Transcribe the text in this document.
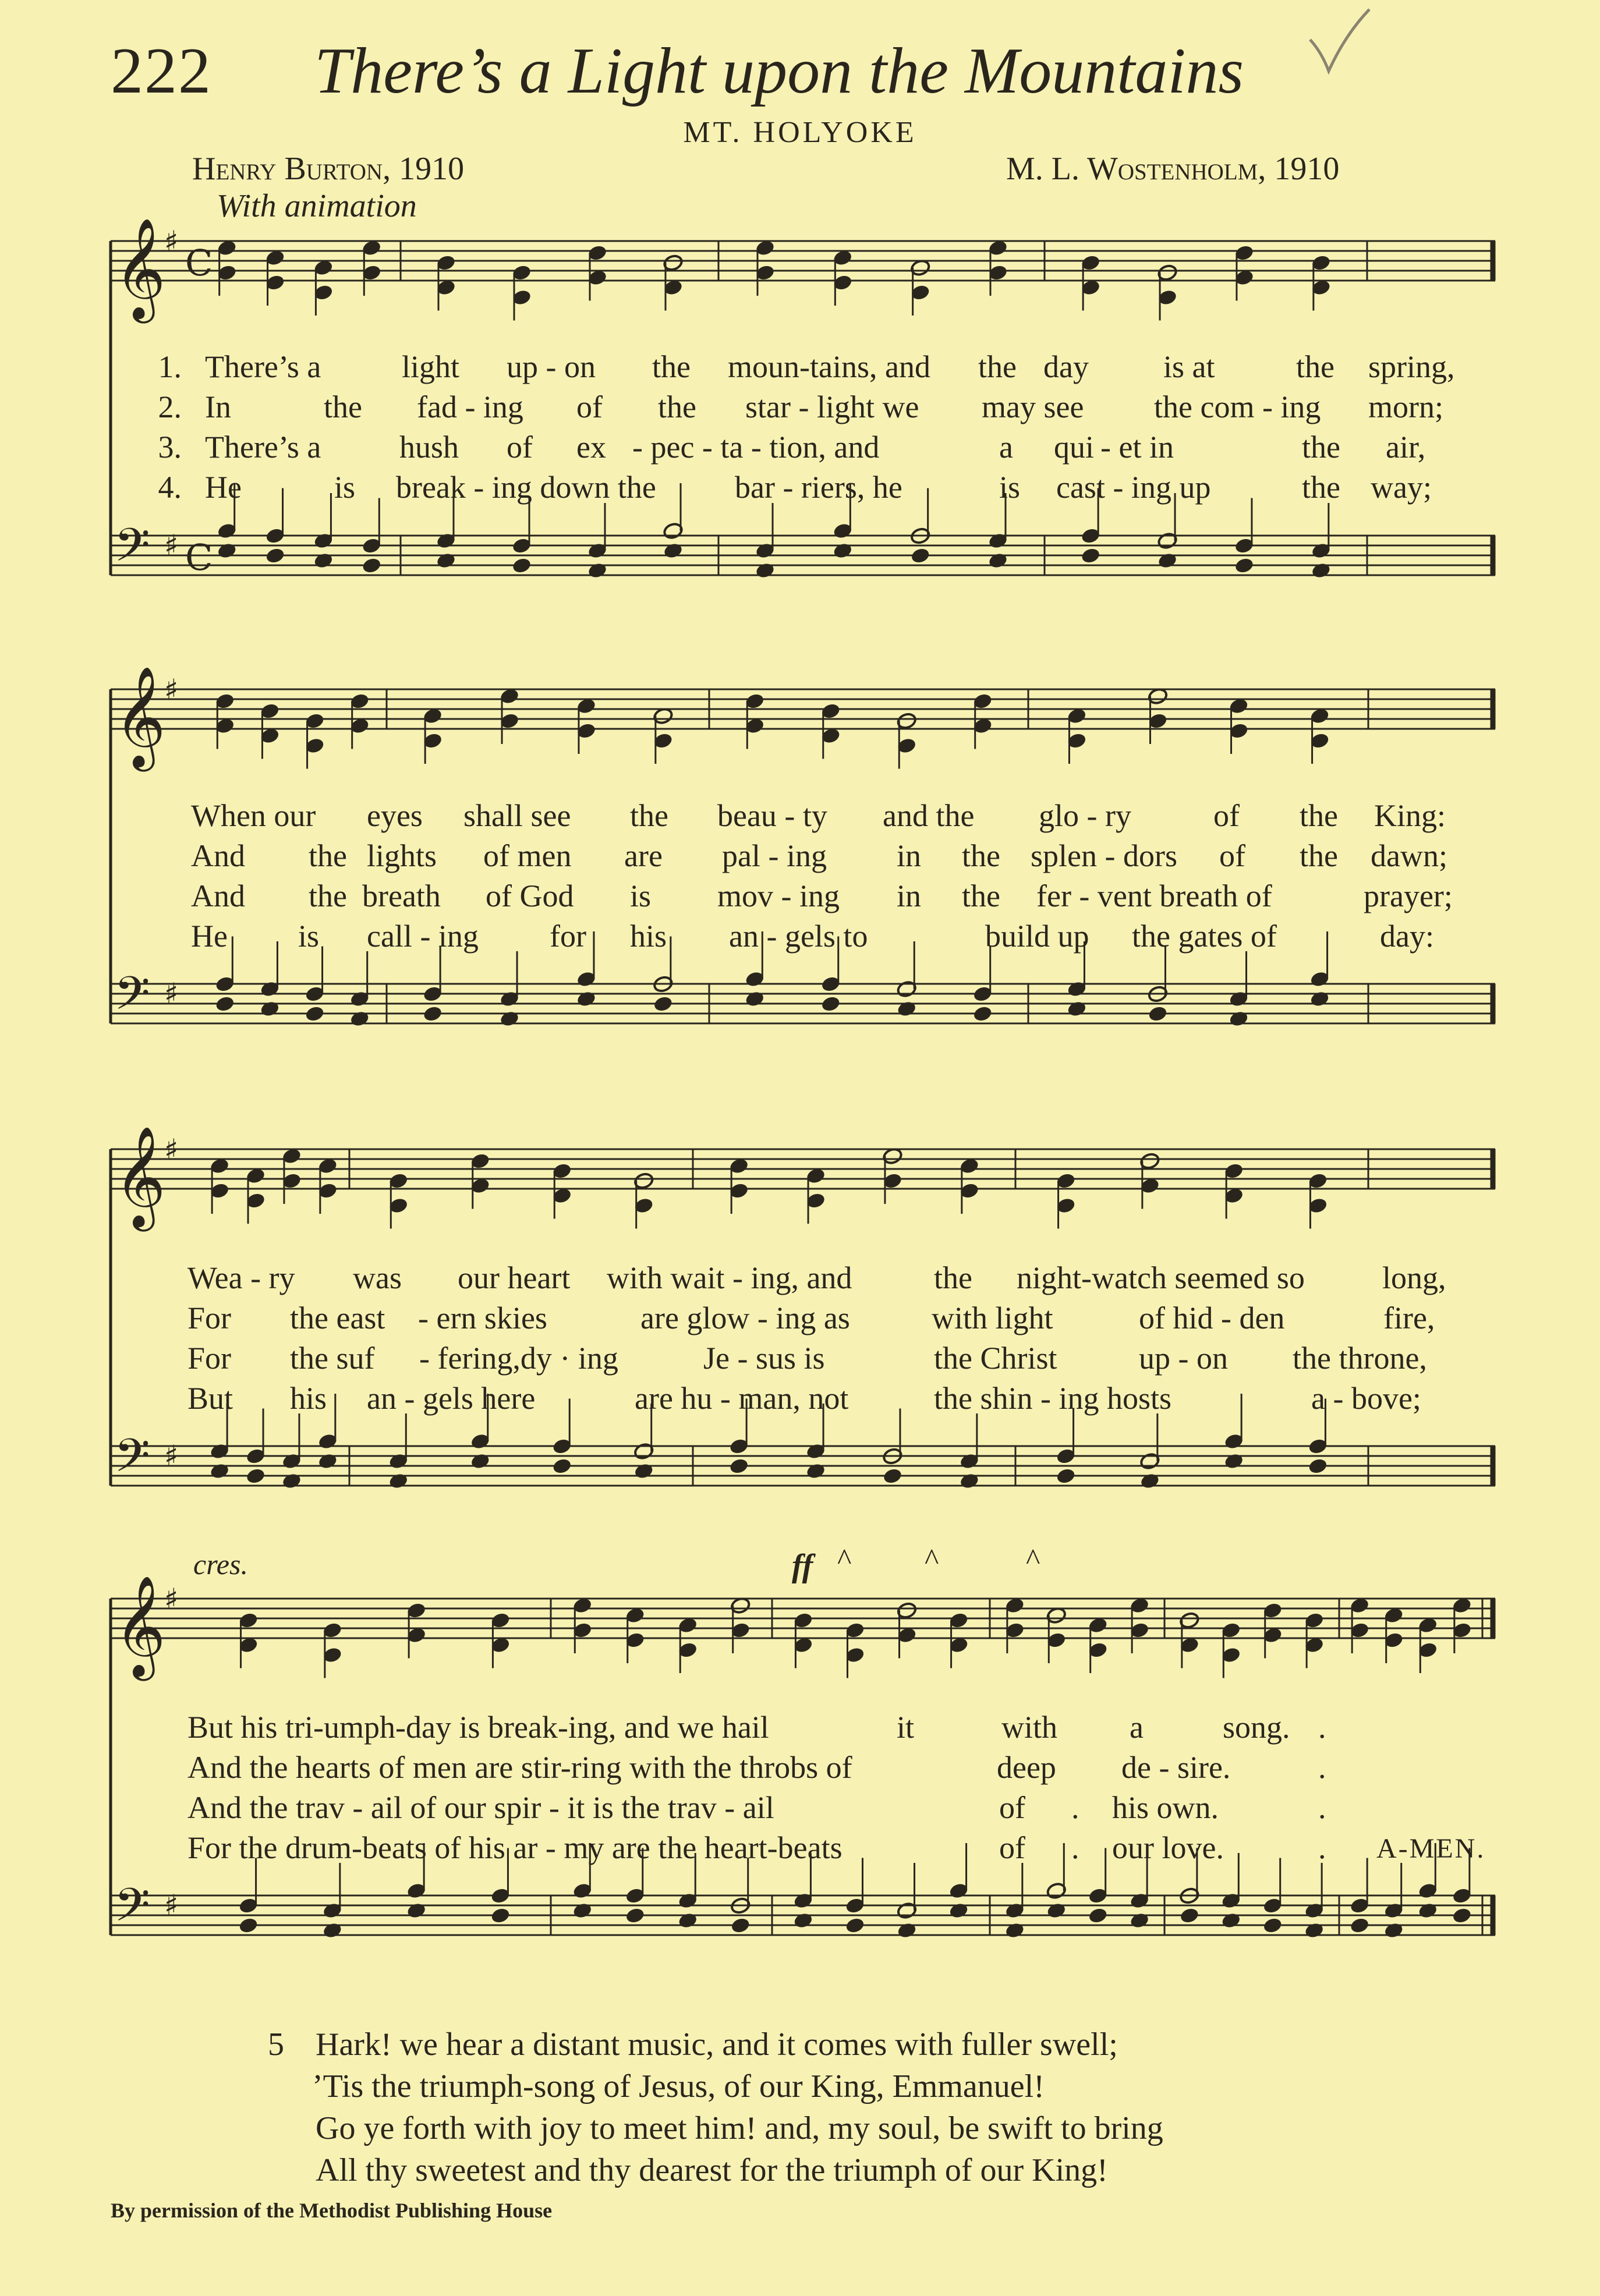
222 There’s a Light upon the Mountains
MT. HOLYOKE
Henry Burton, 1910	M. L. Wostenholm, 1910
With animation
𝄞
𝄢
♯
♯
C
C
𝄞
𝄢
♯
♯
𝄞
𝄢
♯
♯
𝄞
𝄢
♯
♯
cres.	ff ^ ^	^
1. There’s a	light up - on the moun-tains, and the day is at	the spring,
2. In	the fad - ing of the star - light we may see the com - ing morn;
3. There’s a hush of ex - pec - ta - tion, and	a qui - et in	the air,
4. He	is break - ing down the	bar - riers, he	is cast - ing up	the way;
When our eyes shall see the beau - ty and the glo - ry	of the King:
And the lights of men are pal - ing in the splen - dors of the dawn;
And the breath of God is mov - ing in the fer - vent breath of	prayer;
He is call - ing for his an - gels to	build up the gates of	day:
Wea - ry was our heart with wait - ing, and	the night-watch seemed so long,
For the east - ern skies	are glow - ing as	with light	of hid - den	fire,
For the suf - fering,dy · ing	Je - sus is	the Christ	up - on the throne,
But his an - gels here	are hu - man, not	the shin - ing hosts	a - bove;
But his tri-umph-day is break-ing, and we hail	it	with a	song. .
And the hearts of men are stir-ring with the throbs of	deep de - sire.	.
And the trav - ail of our spir - it is the trav - ail	of . his own.	.
For the drum-beats of his ar - my are the heart-beats	of . our love.	. A-MEN.
5 Hark! we hear a distant music, and it comes with fuller swell;
’Tis the triumph-song of Jesus, of our King, Emmanuel!
Go ye forth with joy to meet him! and, my soul, be swift to bring
All thy sweetest and thy dearest for the triumph of our King!
By permission of the Methodist Publishing House
